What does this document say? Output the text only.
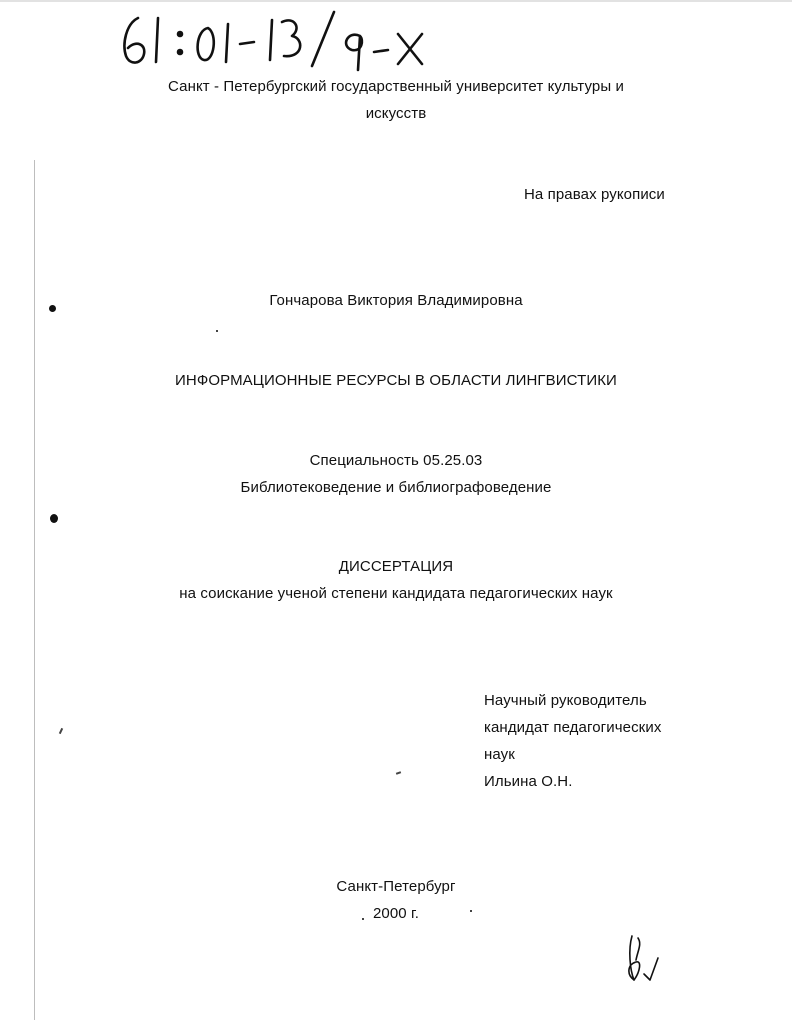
Санкт - Петербургский государственный университет культуры и
искусств
На правах рукописи
Гончарова Виктория Владимировна
ИНФОРМАЦИОННЫЕ РЕСУРСЫ В ОБЛАСТИ ЛИНГВИСТИКИ
Специальность 05.25.03
Библиотековедение и библиографоведение
ДИССЕРТАЦИЯ
на соискание ученой степени кандидата педагогических наук
Научный руководитель
кандидат педагогических
наук
Ильина О.Н.
Санкт-Петербург
2000 г.
